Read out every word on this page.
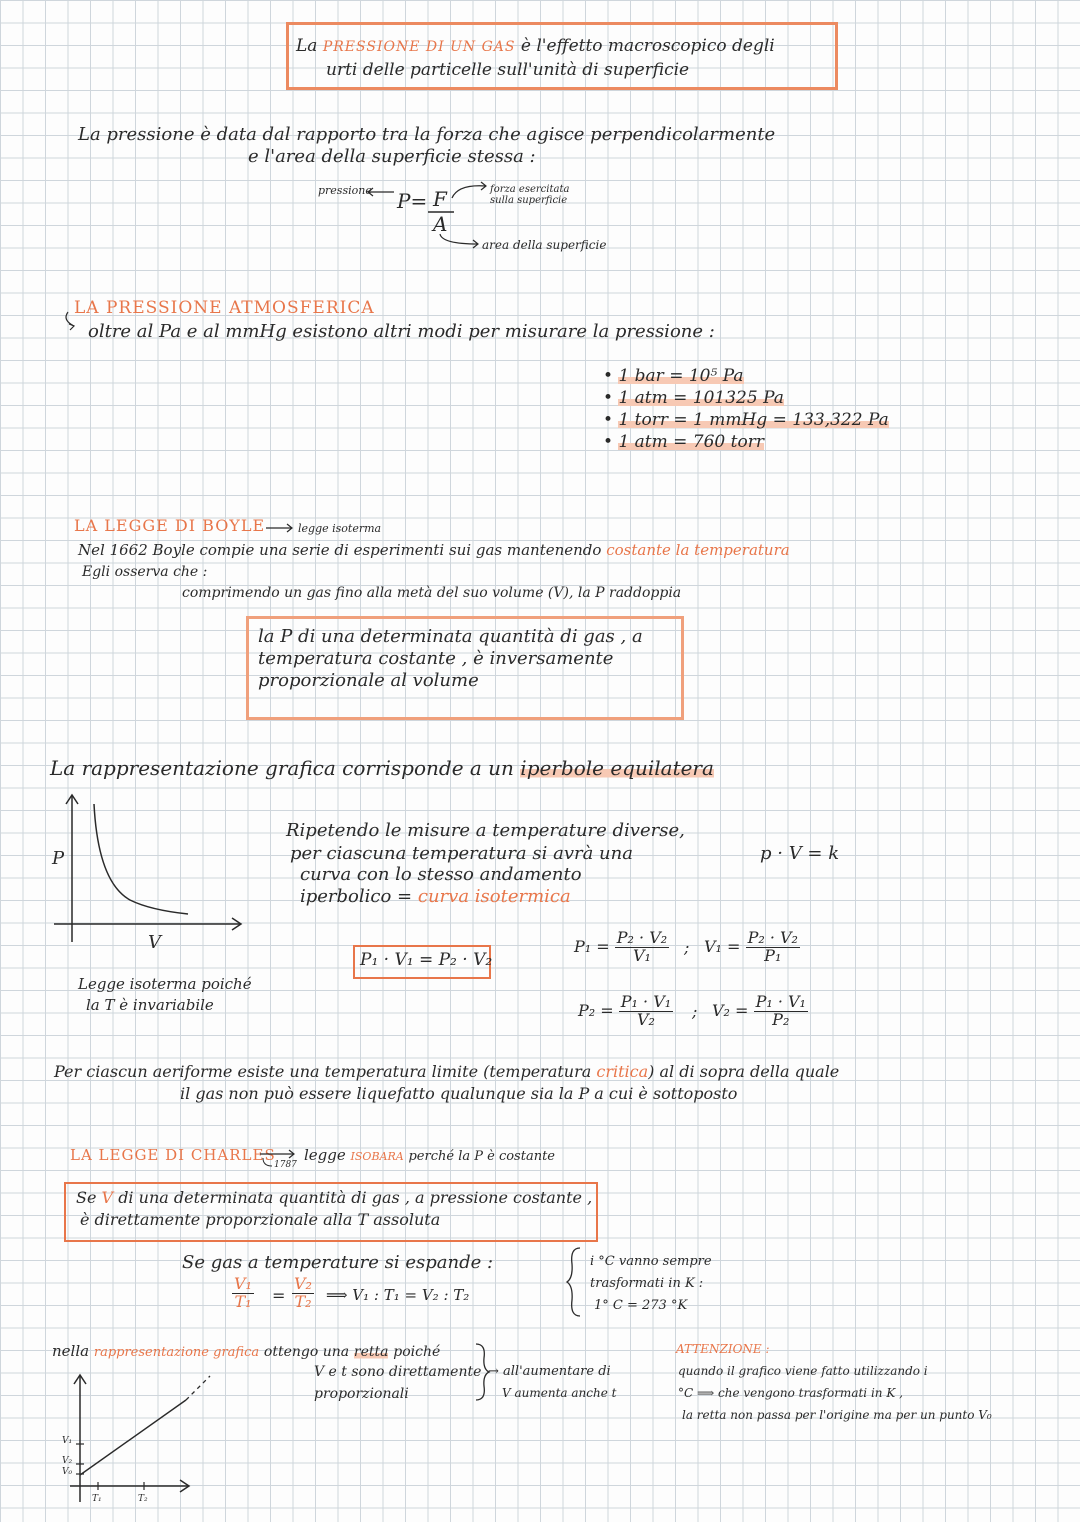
La PRESSIONE DI UN GAS è l'effetto macroscopico degli
urti delle particelle sull'unità di superficie
La pressione è data dal rapporto tra la forza che agisce perpendicolarmente
e l'area della superficie stessa :
pressione P= F
A
forza esercitata sulla superficie
area della superficie
LA PRESSIONE ATMOSFERICA
oltre al Pa e al mmHg esistono altri modi per misurare la pressione :
• 1 bar = 10⁵ Pa
• 1 atm = 101325 Pa
• 1 torr = 1 mmHg = 133,322 Pa
• 1 atm = 760 torr
LA LEGGE DI BOYLE	legge isoterma
Nel 1662 Boyle compie una serie di esperimenti sui gas mantenendo costante la temperatura
Egli osserva che :
comprimendo un gas fino alla metà del suo volume (V), la P raddoppia
la P di una determinata quantità di gas , a
temperatura costante , è inversamente
proporzionale al volume
La rappresentazione grafica corrisponde a un iperbole equilatera
P
V
Ripetendo le misure a temperature diverse,
per ciascuna temperatura si avrà una
curva con lo stesso andamento
iperbolico = curva isotermica
p · V = k
P₁ · V₁ = P₂ · V₂
Legge isoterma poiché
la T è invariabile
$P_1 = \frac{\text{P₂ · V₂}}{\text{V₁}}$ ; $V_1 = \frac{\text{P₂ · V₂}}{\text{P₁}}$
$P_2 = \frac{\text{P₁ · V₁}}{\text{V₂}}$ ; $V_2 = \frac{\text{P₁ · V₁}}{\text{P₂}}$
Per ciascun aeriforme esiste una temperatura limite (temperatura critica) al di sopra della quale
il gas non può essere liquefatto qualunque sia la P a cui è sottoposto
LA LEGGE DI CHARLES
1787
legge ISOBARA perché la P è costante
Se V di una determinata quantità di gas , a pressione costante ,
è direttamente proporzionale alla T assoluta
Se gas a temperature si espande :
$\frac{\text{V₁}}{\text{T₁}} = \frac{\text{V₂}}{\text{T₂}}$ ⟹ V₁ : T₁ = V₂ : T₂
i °C vanno sempre
trasformati in K :
1° C = 273 °K
nella rappresentazione grafica ottengo una retta poiché
V e t sono direttamente
proporzionali
→ all'aumentare di
V aumenta anche t
ATTENZIONE :
quando il grafico viene fatto utilizzando i
°C ⟹ che vengono trasformati in K ,
la retta non passa per l'origine ma per un punto V₀
V₁
V₂
V₀
T₁	T₂
